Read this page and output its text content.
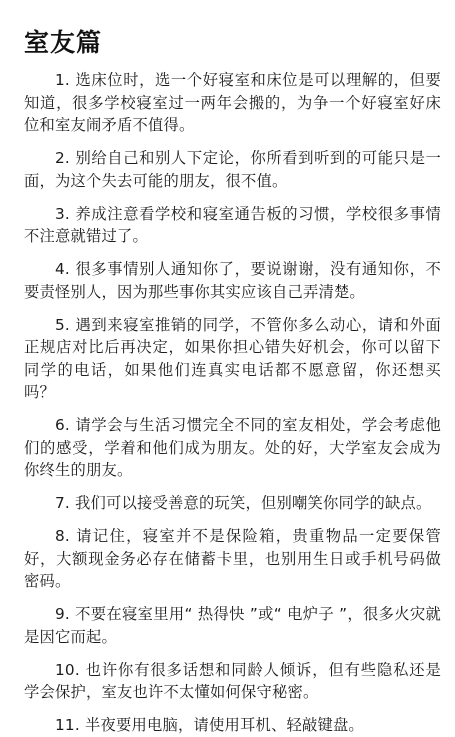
室友篇

1. 选床位时，选一个好寝室和床位是可以理解的，但要知道，很多学校寝室过一两年会搬的，为争一个好寝室好床位和室友闹矛盾不值得。

2. 别给自己和别人下定论，你所看到听到的可能只是一面，为这个失去可能的朋友，很不值。

3. 养成注意看学校和寝室通告板的习惯，学校很多事情不注意就错过了。

4. 很多事情别人通知你了，要说谢谢，没有通知你，不要责怪别人，因为那些事你其实应该自己弄清楚。

5. 遇到来寝室推销的同学，不管你多么动心，请和外面正规店对比后再决定，如果你担心错失好机会，你可以留下同学的电话，如果他们连真实电话都不愿意留，你还想买吗？

6. 请学会与生活习惯完全不同的室友相处，学会考虑他们的感受，学着和他们成为朋友。处的好，大学室友会成为你终生的朋友。

7. 我们可以接受善意的玩笑，但别嘲笑你同学的缺点。

8. 请记住，寝室并不是保险箱，贵重物品一定要保管好，大额现金务必存在储蓄卡里，也别用生日或手机号码做密码。

9. 不要在寝室里用“ 热得快 ”或“ 电炉子 ”，很多火灾就是因它而起。

10. 也许你有很多话想和同龄人倾诉，但有些隐私还是学会保护，室友也许不太懂如何保守秘密。

11. 半夜要用电脑，请使用耳机、轻敲键盘。
